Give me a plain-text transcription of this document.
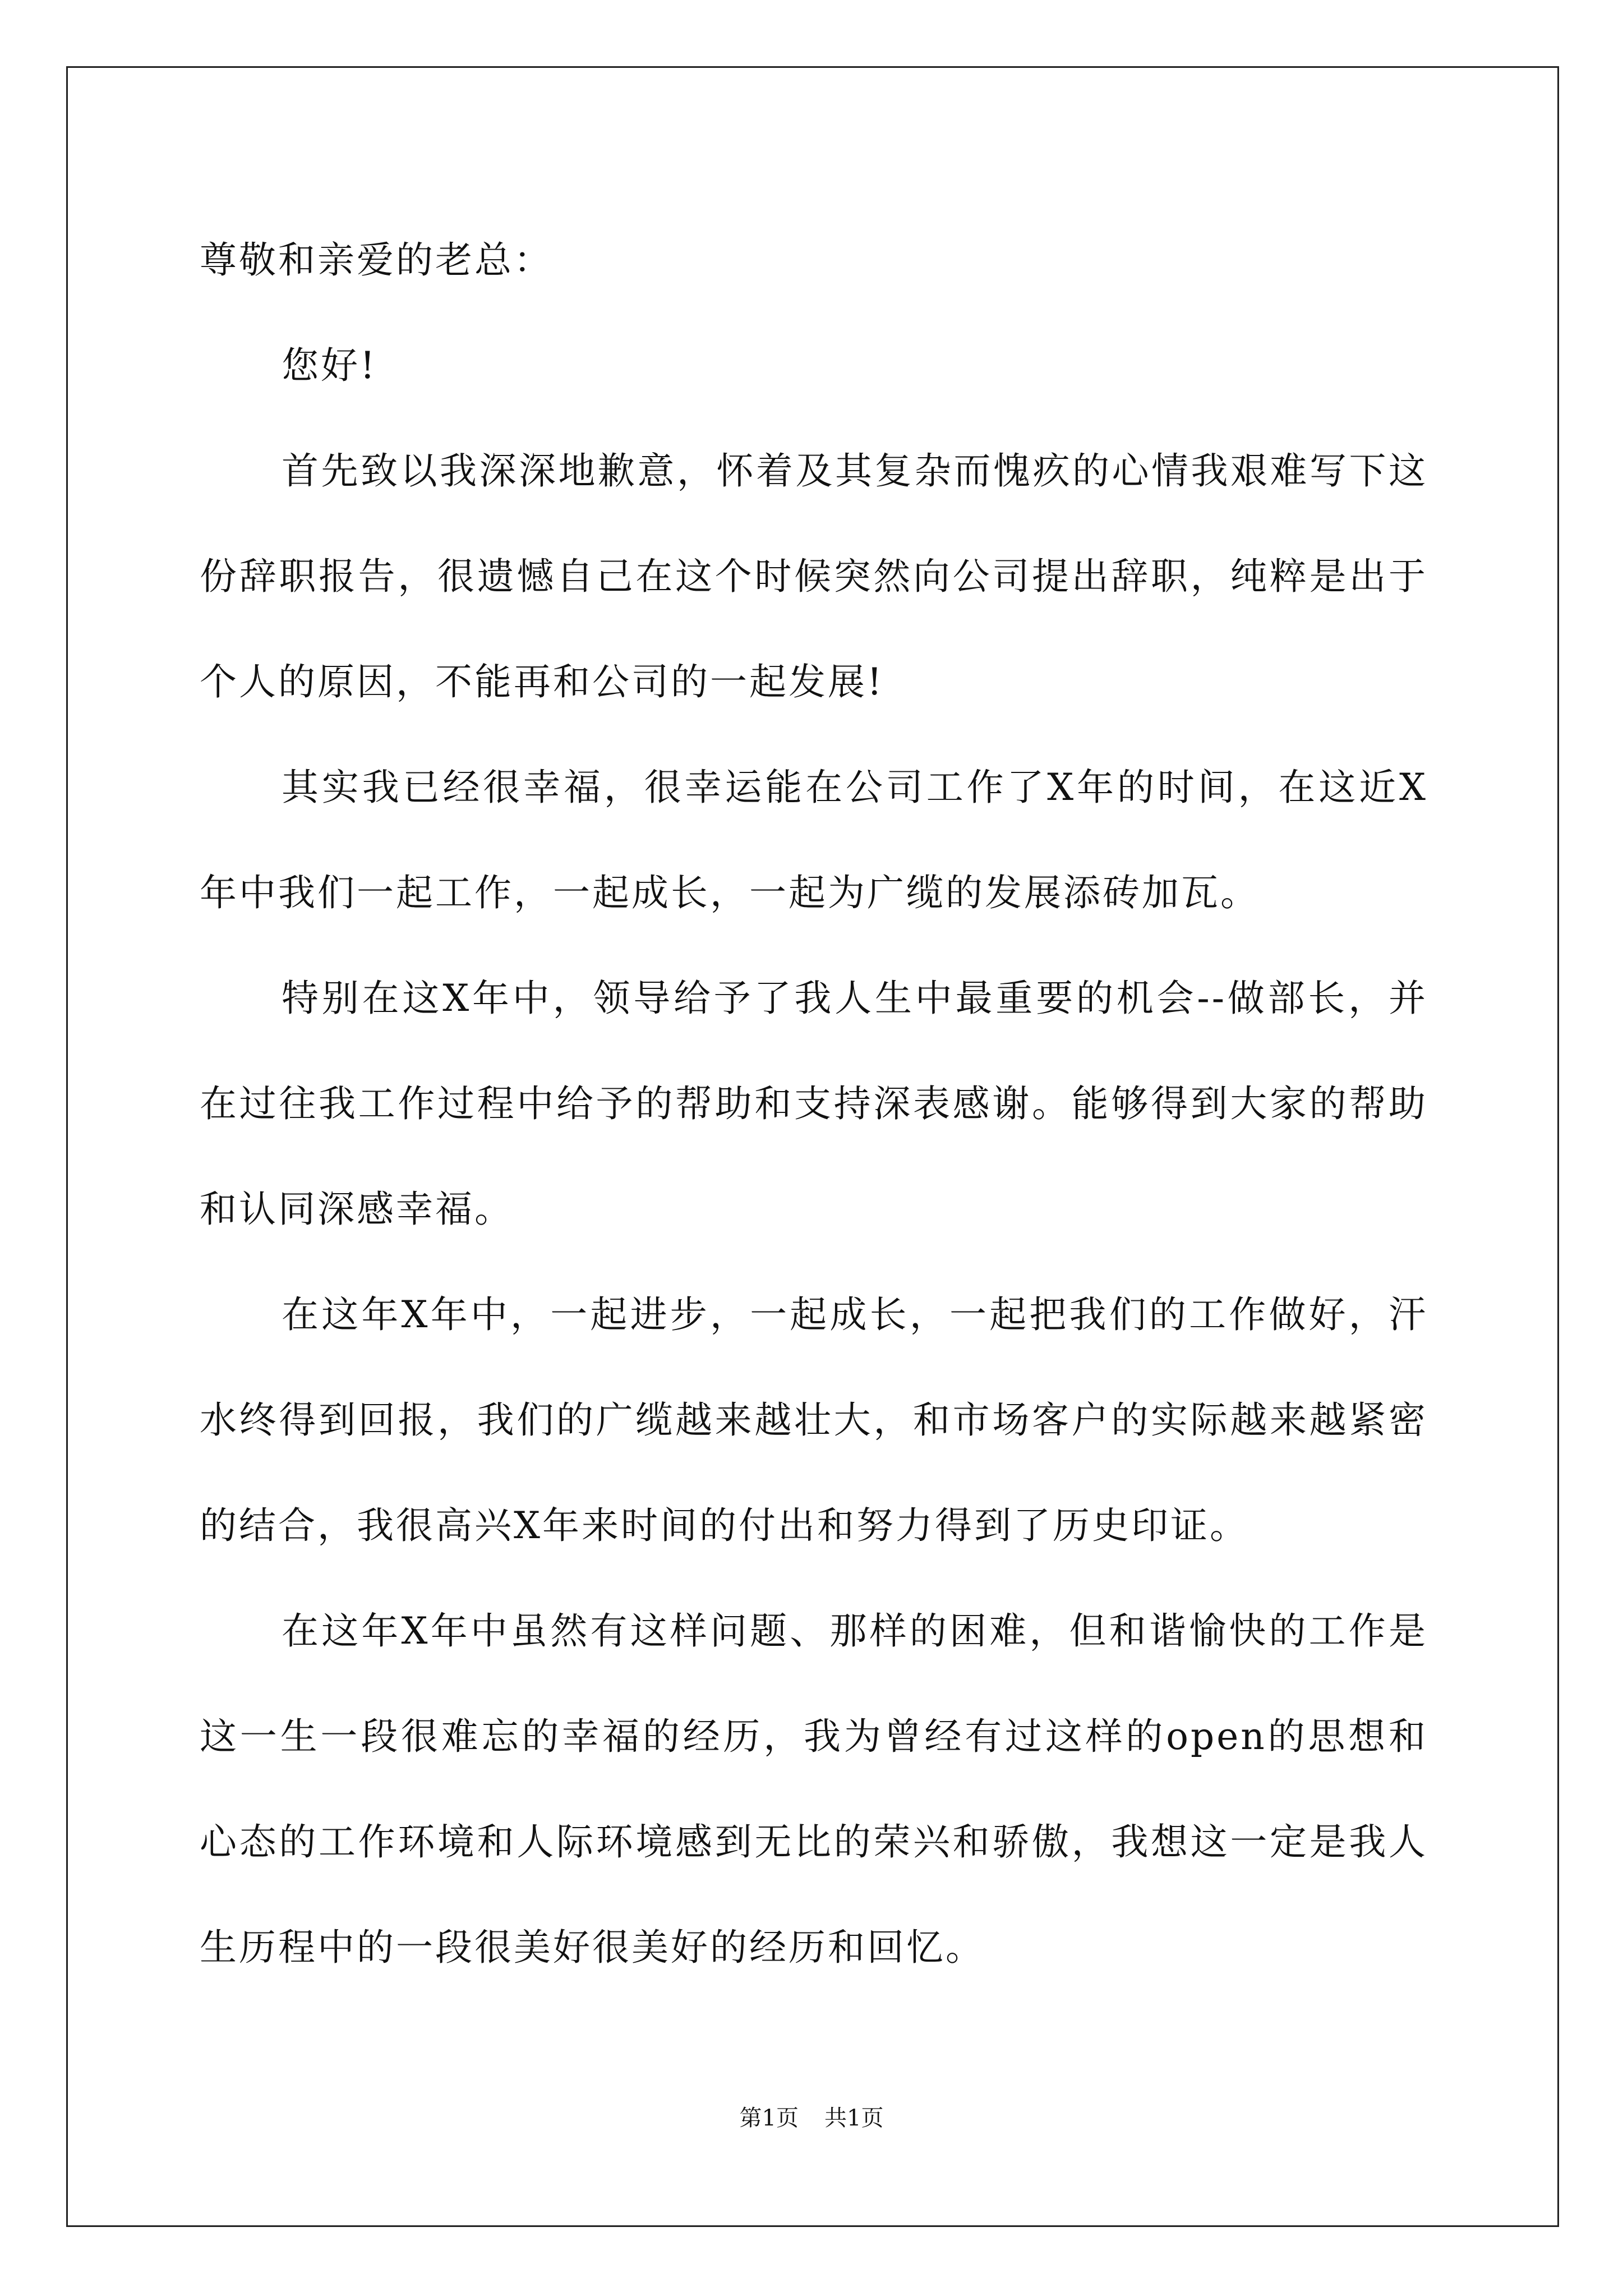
尊敬和亲爱的老总：

您好!

首先致以我深深地歉意，怀着及其复杂而愧疚的心情我艰难写下这份辞职报告，很遗憾自己在这个时候突然向公司提出辞职，纯粹是出于个人的原因，不能再和公司的一起发展!

其实我已经很幸福，很幸运能在公司工作了X年的时间，在这近X年中我们一起工作，一起成长，一起为广缆的发展添砖加瓦。

特别在这X年中，领导给予了我人生中最重要的机会--做部长，并在过往我工作过程中给予的帮助和支持深表感谢。能够得到大家的帮助和认同深感幸福。

在这年X年中，一起进步，一起成长，一起把我们的工作做好，汗水终得到回报，我们的广缆越来越壮大，和市场客户的实际越来越紧密的结合，我很高兴X年来时间的付出和努力得到了历史印证。

在这年X年中虽然有这样问题、那样的困难，但和谐愉快的工作是这一生一段很难忘的幸福的经历，我为曾经有过这样的open的思想和心态的工作环境和人际环境感到无比的荣兴和骄傲，我想这一定是我人生历程中的一段很美好很美好的经历和回忆。

第1页 共1页
